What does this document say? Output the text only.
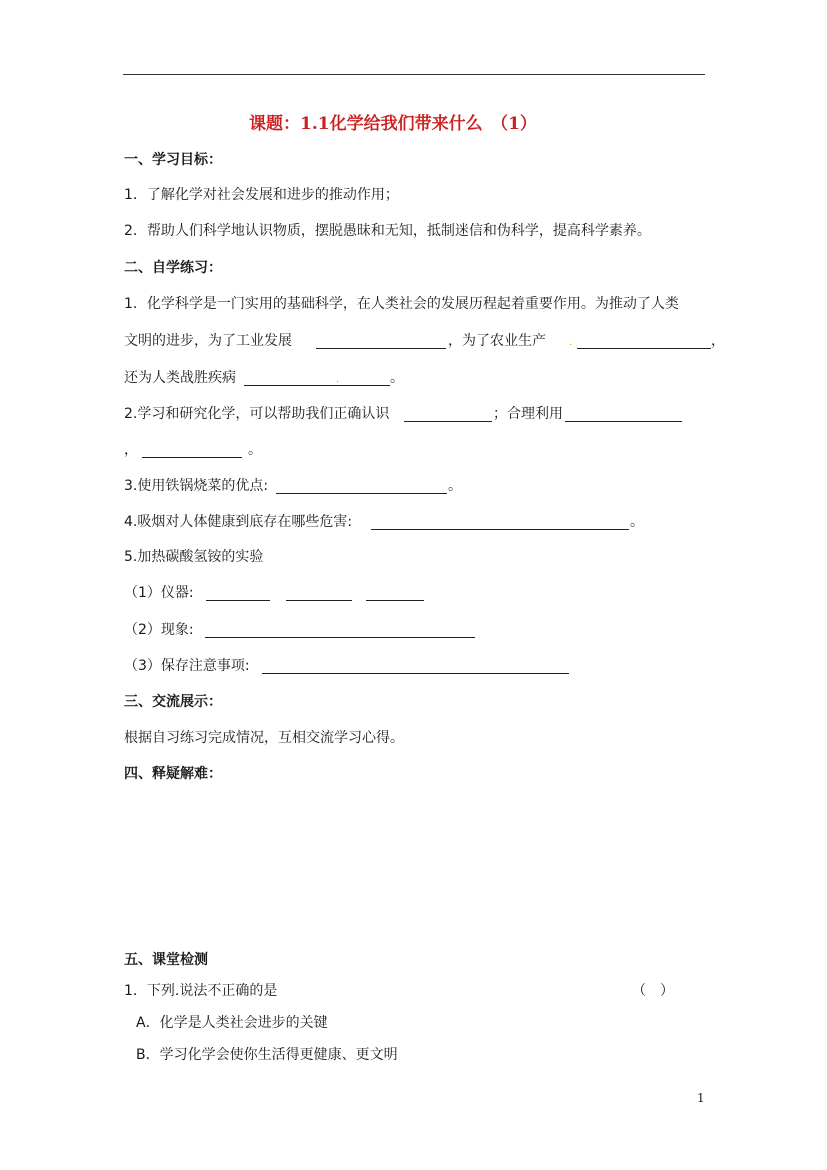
课题：1.1化学给我们带来什么　（1）
一、学习目标：
1．了解化学对社会发展和进步的推动作用；
2．帮助人们科学地认识物质，摆脱愚昧和无知，抵制迷信和伪科学，提高科学素养。
二、自学练习：
1．化学科学是一门实用的基础科学，在人类社会的发展历程起着重要作用。为推动了人类
文明的进步，为了工业发展	，为了农业生产 .	，
还为人类战胜疾病	.	。
2.学习和研究化学，可以帮助我们正确认识	；合理利用
，	。
3.使用铁锅烧菜的优点:	。
4.吸烟对人体健康到底存在哪些危害:	。
5.加热碳酸氢铵的实验
（1）仪器:
（2）现象:
（3）保存注意事项:
三、交流展示：
根据自习练习完成情况，互相交流学习心得。
四、释疑解难：
五、课堂检测
1．下列.说法不正确的是	（　）
A．化学是人类社会进步的关键
B．学习化学会使你生活得更健康、更文明
1
